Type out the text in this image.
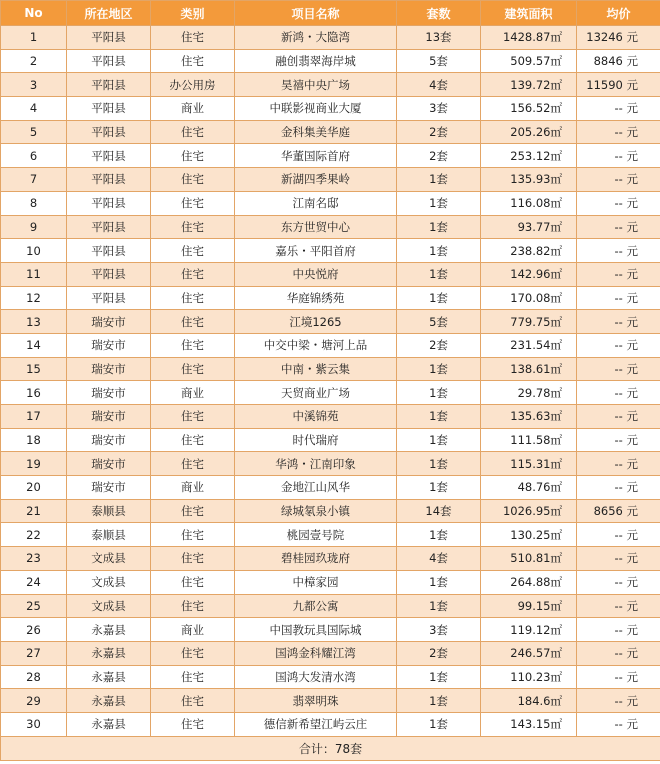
No	所在地区	类别	项目名称	套数	建筑面积	均价
1	平阳县	住宅	新鸿・大隐湾	13套	1428.87㎡	13246 元
2	平阳县	住宅	融创翡翠海岸城	5套	509.57㎡	8846 元
3	平阳县	办公用房	昊禧中央广场	4套	139.72㎡	11590 元
4	平阳县	商业	中联影视商业大厦	3套	156.52㎡	-- 元
5	平阳县	住宅	金科集美华庭	2套	205.26㎡	-- 元
6	平阳县	住宅	华董国际首府	2套	253.12㎡	-- 元
7	平阳县	住宅	新湖四季果岭	1套	135.93㎡	-- 元
8	平阳县	住宅	江南名邸	1套	116.08㎡	-- 元
9	平阳县	住宅	东方世贸中心	1套	93.77㎡	-- 元
10	平阳县	住宅	嘉乐・平阳首府	1套	238.82㎡	-- 元
11	平阳县	住宅	中央悦府	1套	142.96㎡	-- 元
12	平阳县	住宅	华庭锦绣苑	1套	170.08㎡	-- 元
13	瑞安市	住宅	江境1265	5套	779.75㎡	-- 元
14	瑞安市	住宅	中交中梁・塘河上品	2套	231.54㎡	-- 元
15	瑞安市	住宅	中南・紫云集	1套	138.61㎡	-- 元
16	瑞安市	商业	天贸商业广场	1套	29.78㎡	-- 元
17	瑞安市	住宅	中溪锦苑	1套	135.63㎡	-- 元
18	瑞安市	住宅	时代瑞府	1套	111.58㎡	-- 元
19	瑞安市	住宅	华鸿・江南印象	1套	115.31㎡	-- 元
20	瑞安市	商业	金地江山风华	1套	48.76㎡	-- 元
21	泰顺县	住宅	绿城氡泉小镇	14套	1026.95㎡	8656 元
22	泰顺县	住宅	桃园壹号院	1套	130.25㎡	-- 元
23	文成县	住宅	碧桂园玖珑府	4套	510.81㎡	-- 元
24	文成县	住宅	中樟家园	1套	264.88㎡	-- 元
25	文成县	住宅	九都公寓	1套	99.15㎡	-- 元
26	永嘉县	商业	中国教玩具国际城	3套	119.12㎡	-- 元
27	永嘉县	住宅	国鸿金科耀江湾	2套	246.57㎡	-- 元
28	永嘉县	住宅	国鸿大发清水湾	1套	110.23㎡	-- 元
29	永嘉县	住宅	翡翠明珠	1套	184.6㎡	-- 元
30	永嘉县	住宅	德信新希望江屿云庄	1套	143.15㎡	-- 元
合计：78套						
